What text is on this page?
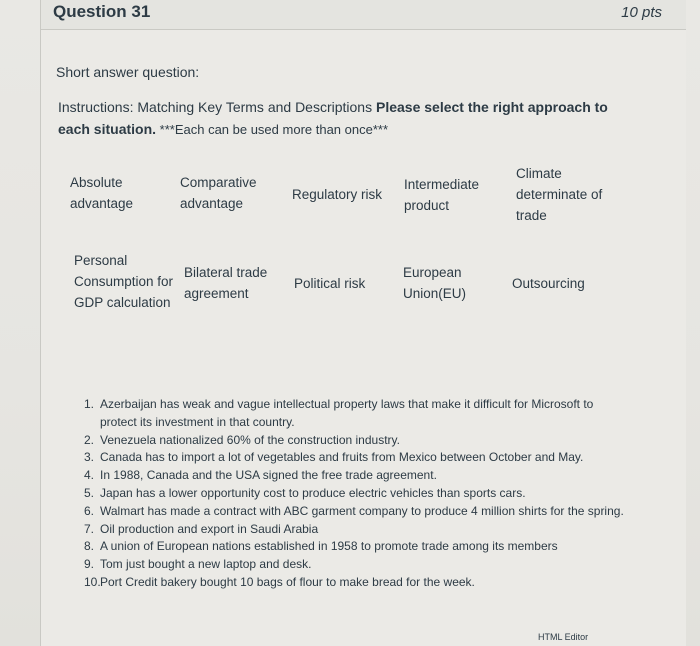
Question 31	10 pts
Short answer question:
Instructions: Matching Key Terms and Descriptions Please select the right approach to each situation. ***Each can be used more than once***
Absolute
advantage
Comparative
advantage
Regulatory risk
Intermediate
product
Climate
determinate of
trade
Personal
Consumption for
GDP calculation
Bilateral trade
agreement
Political risk
European
Union(EU)
Outsourcing
1. Azerbaijan has weak and vague intellectual property laws that make it difficult for Microsoft to protect its investment in that country.
2. Venezuela nationalized 60% of the construction industry.
3. Canada has to import a lot of vegetables and fruits from Mexico between October and May.
4. In 1988, Canada and the USA signed the free trade agreement.
5. Japan has a lower opportunity cost to produce electric vehicles than sports cars.
6. Walmart has made a contract with ABC garment company to produce 4 million shirts for the spring.
7. Oil production and export in Saudi Arabia
8. A union of European nations established in 1958 to promote trade among its members
9. Tom just bought a new laptop and desk.
10. Port Credit bakery bought 10 bags of flour to make bread for the week.
HTML Editor
